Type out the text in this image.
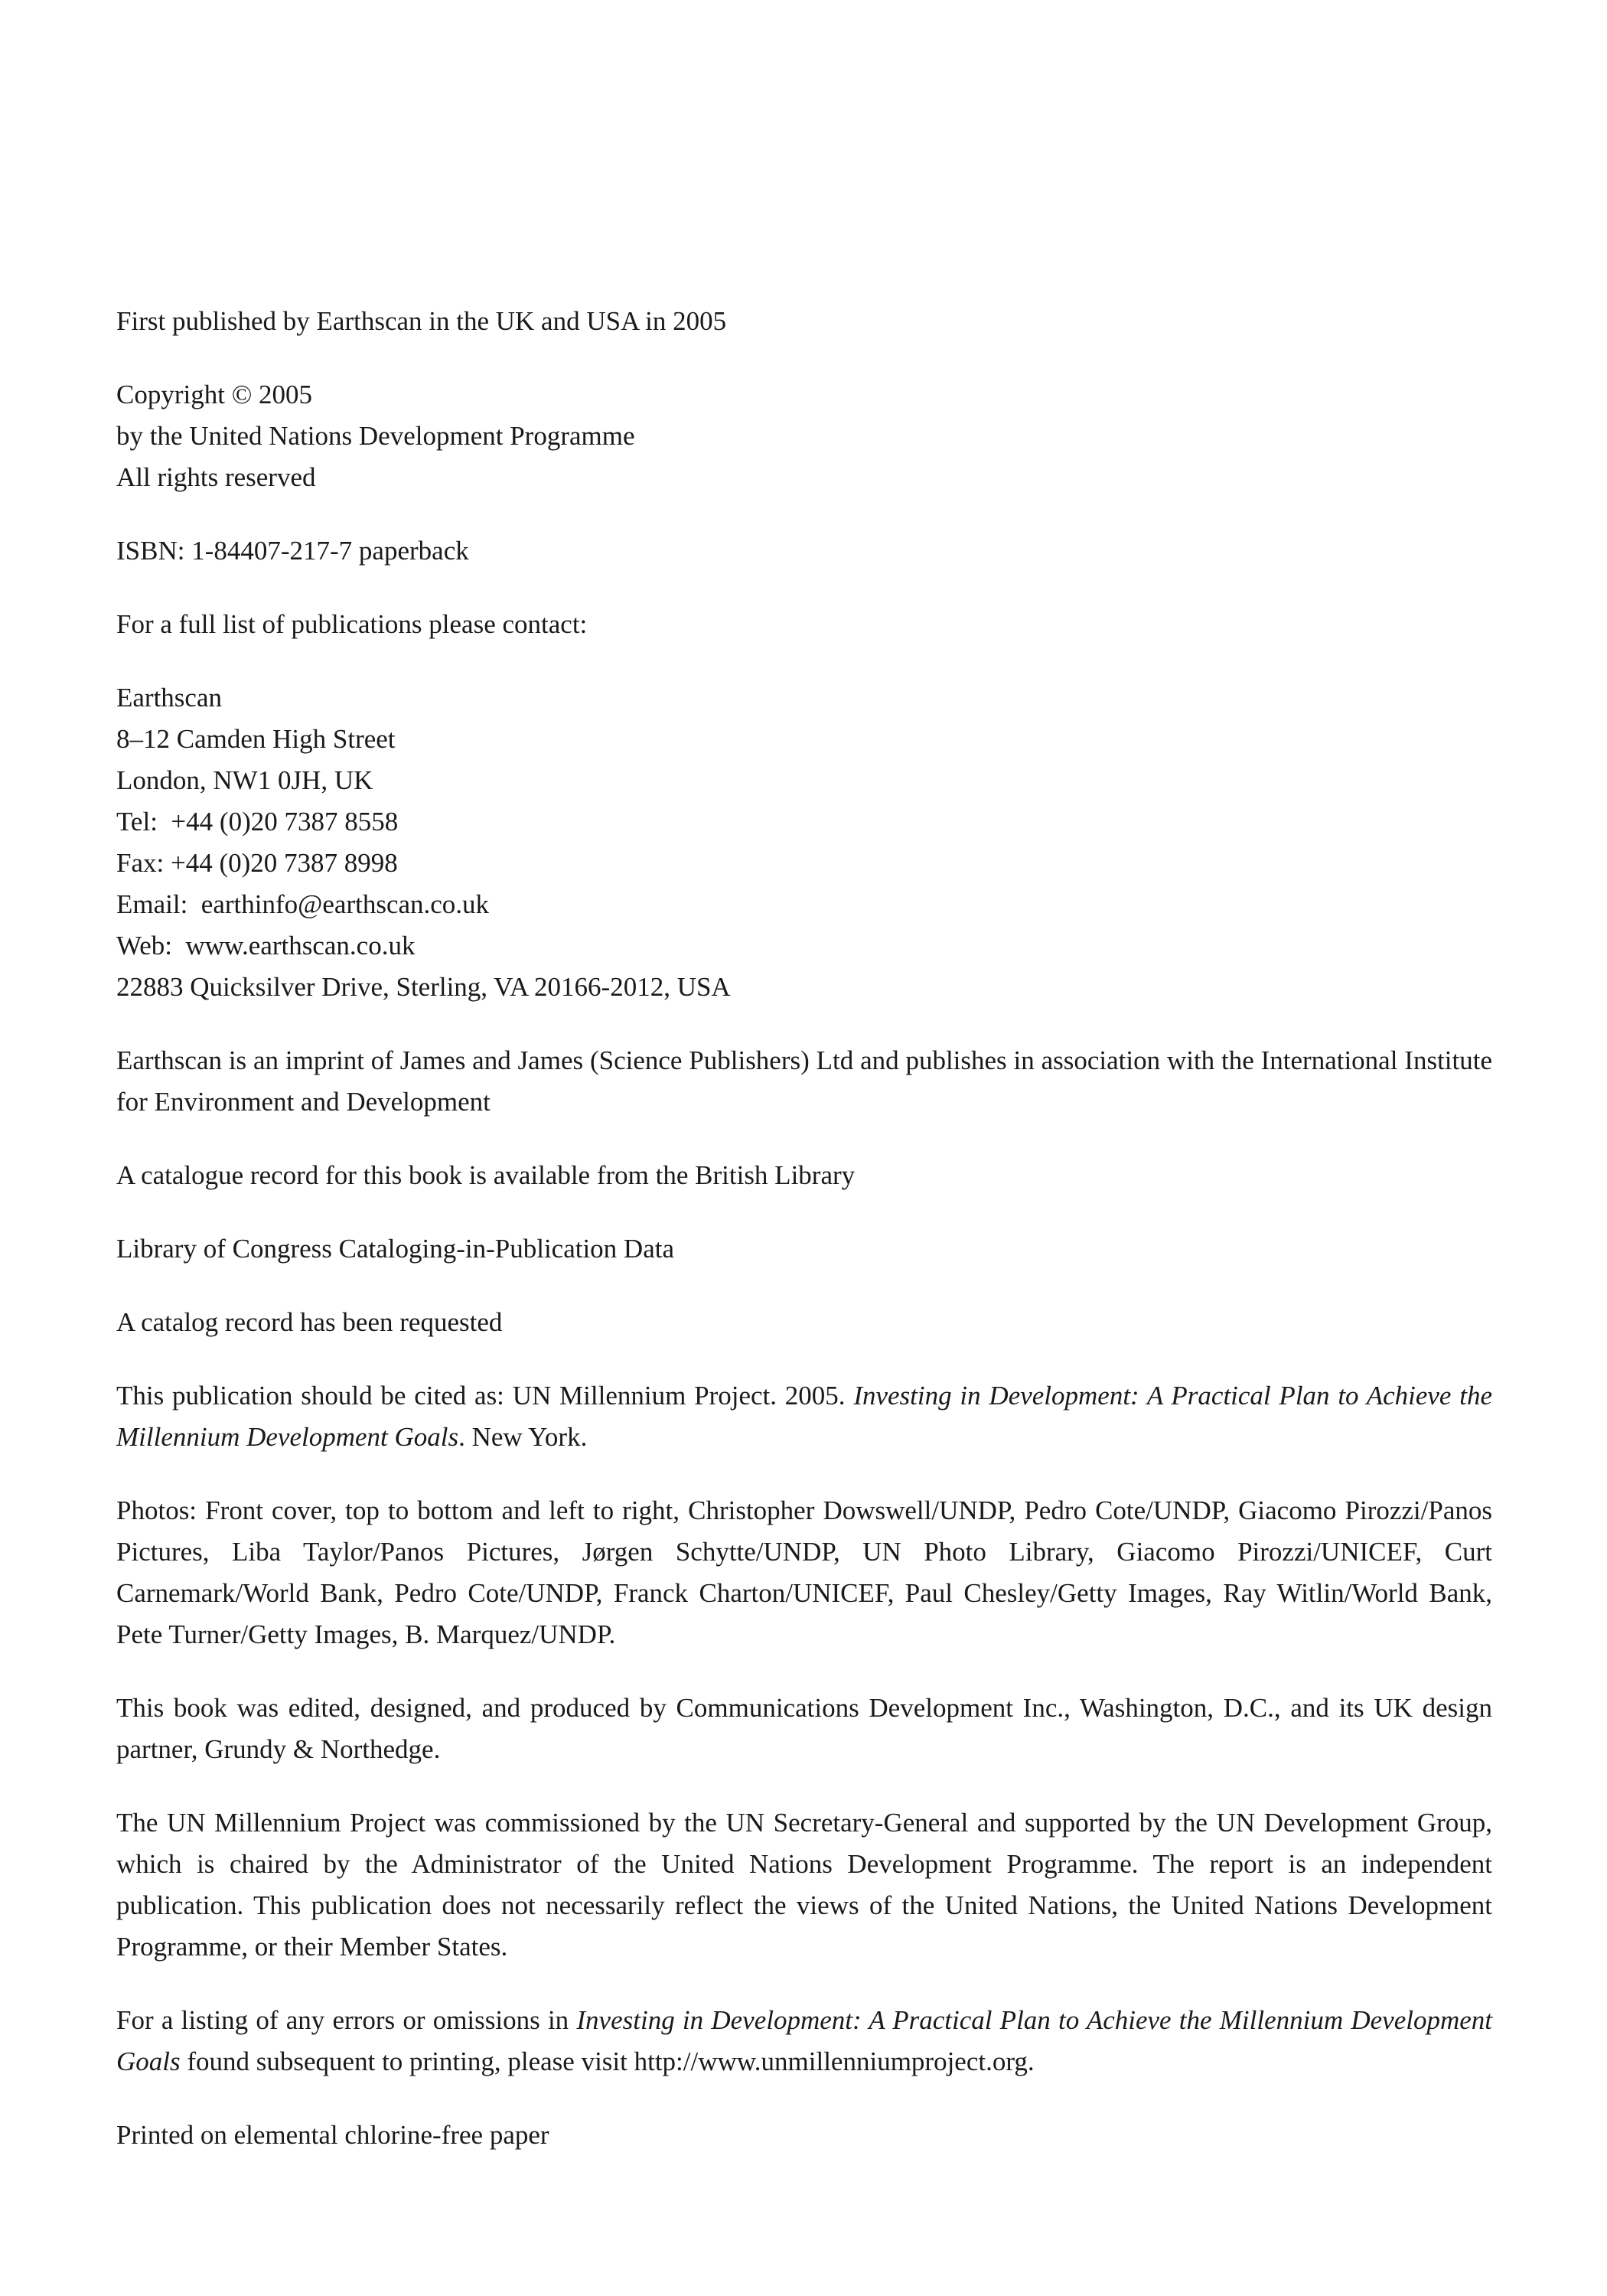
First published by Earthscan in the UK and USA in 2005

Copyright © 2005
by the United Nations Development Programme
All rights reserved

ISBN: 1-84407-217-7 paperback

For a full list of publications please contact:

Earthscan
8–12 Camden High Street
London, NW1 0JH, UK
Tel:  +44 (0)20 7387 8558
Fax: +44 (0)20 7387 8998
Email:  earthinfo@earthscan.co.uk
Web:  www.earthscan.co.uk
22883 Quicksilver Drive, Sterling, VA 20166-2012, USA

Earthscan is an imprint of James and James (Science Publishers) Ltd and publishes in association with the International Institute for Environment and Development

A catalogue record for this book is available from the British Library

Library of Congress Cataloging-in-Publication Data

A catalog record has been requested

This publication should be cited as: UN Millennium Project. 2005. Investing in Development: A Practical Plan to Achieve the Millennium Development Goals. New York.

Photos: Front cover, top to bottom and left to right, Christopher Dowswell/UNDP, Pedro Cote/UNDP, Giacomo Pirozzi/Panos Pictures, Liba Taylor/Panos Pictures, Jørgen Schytte/UNDP, UN Photo Library, Giacomo Pirozzi/UNICEF, Curt Carnemark/World Bank, Pedro Cote/UNDP, Franck Charton/UNICEF, Paul Chesley/Getty Images, Ray Witlin/World Bank, Pete Turner/Getty Images, B. Marquez/UNDP.

This book was edited, designed, and produced by Communications Development Inc., Washington, D.C., and its UK design partner, Grundy & Northedge.

The UN Millennium Project was commissioned by the UN Secretary-General and supported by the UN Development Group, which is chaired by the Administrator of the United Nations Development Programme. The report is an independent publication. This publication does not necessarily reflect the views of the United Nations, the United Nations Development Programme, or their Member States.

For a listing of any errors or omissions in Investing in Development: A Practical Plan to Achieve the Millennium Development Goals found subsequent to printing, please visit http://www.unmillenniumproject.org.

Printed on elemental chlorine-free paper
